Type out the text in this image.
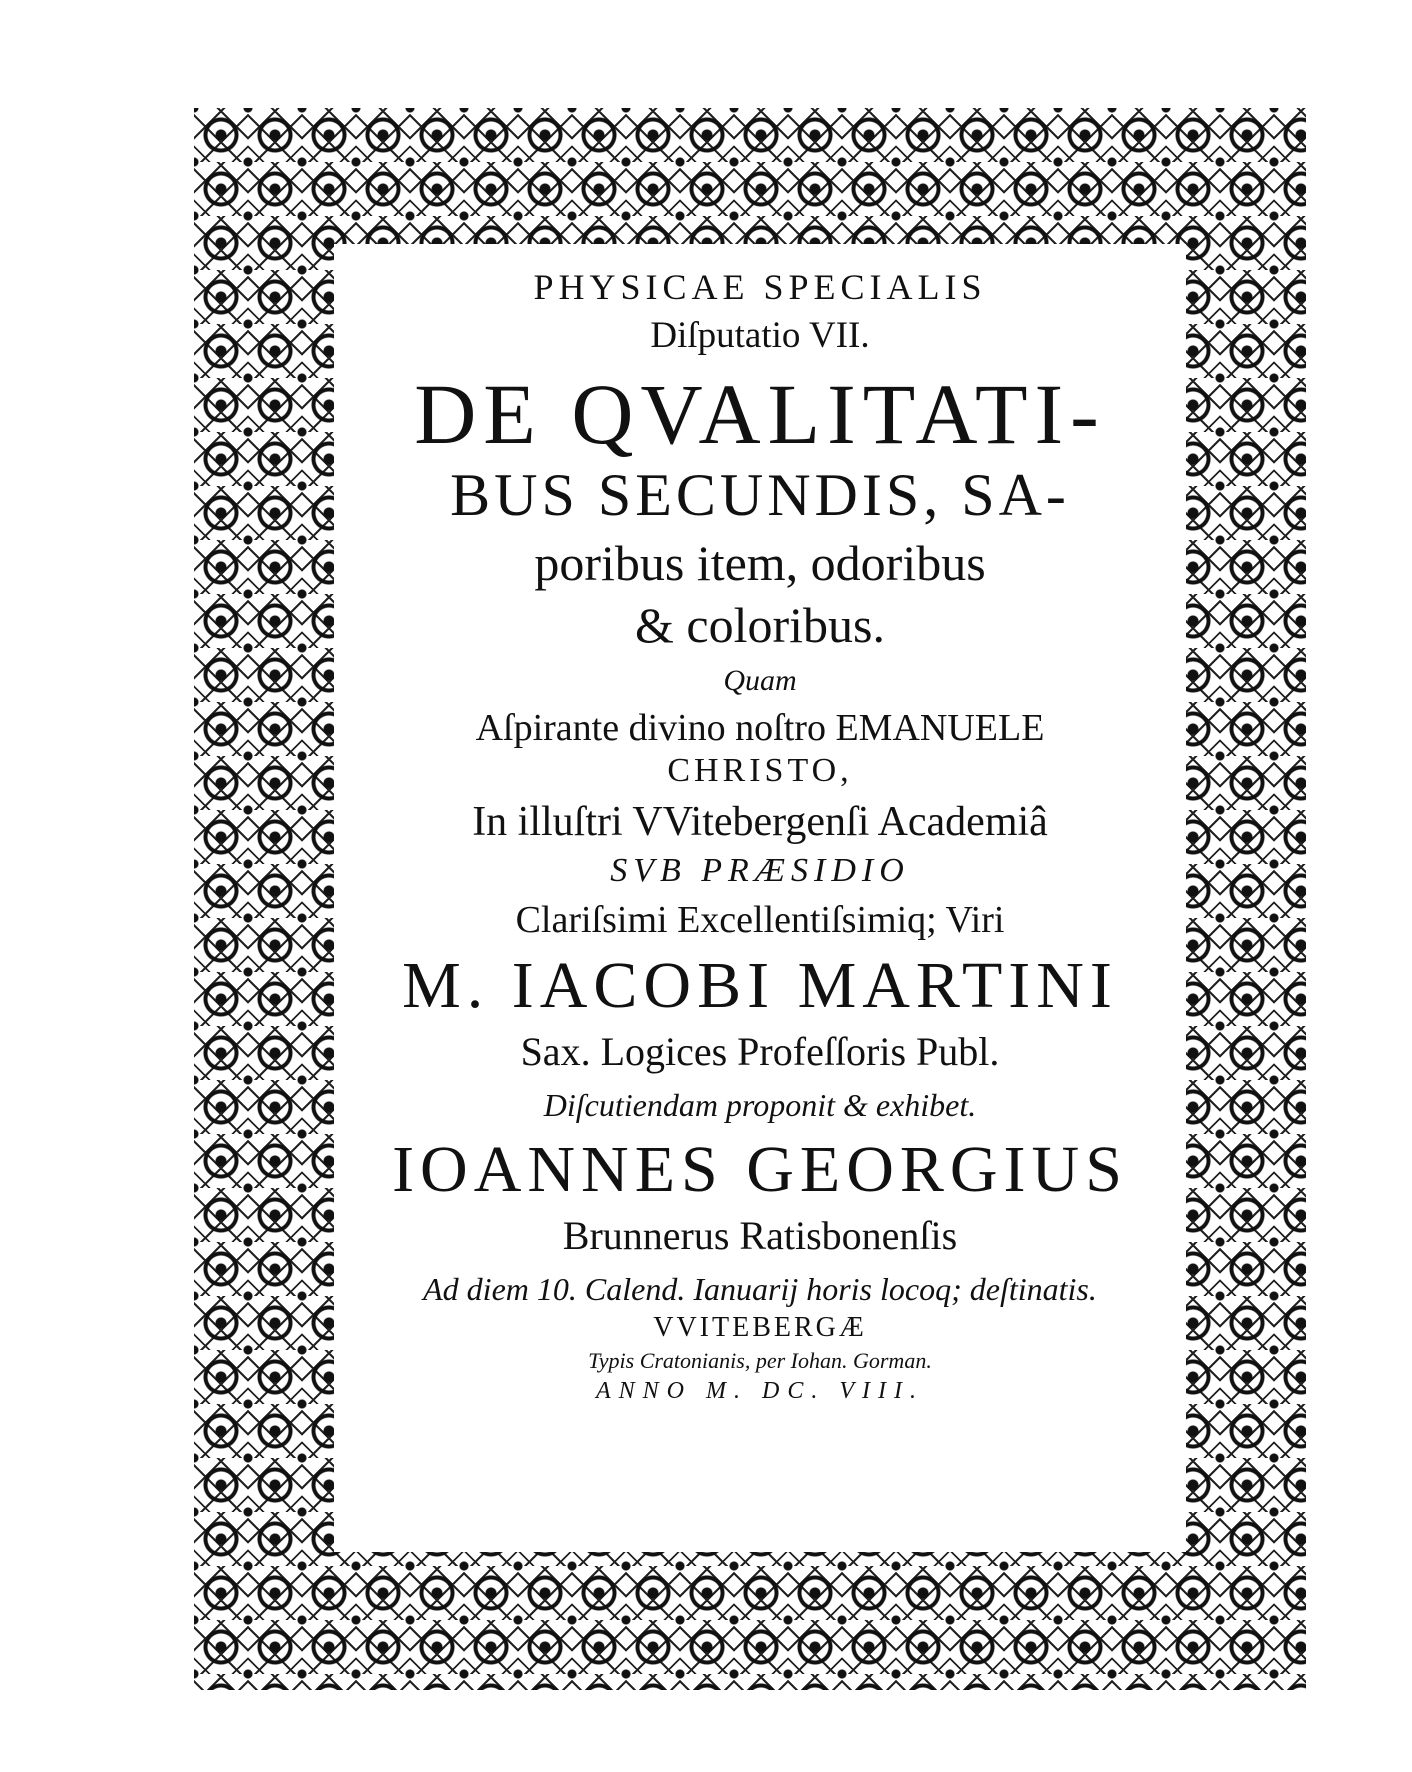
PHYSICAE SPECIALIS
Diſputatio VII.
DE QVALITATI-
BUS SECUNDIS, SA-
poribus item, odoribus
& coloribus.
Quam
Aſpirante divino noſtro EMANUELE
CHRISTO,
In illuſtri VVitebergenſi Academiâ
SVB PRÆSIDIO
Clariſsimi Excellentiſsimiq; Viri
M. IACOBI MARTINI
Sax. Logices Profeſſoris Publ.
Diſcutiendam proponit & exhibet.
IOANNES GEORGIUS
Brunnerus Ratisbonenſis
Ad diem 10. Calend. Ianuarij horis locoq; deſtinatis.
VVITEBERGÆ
Typis Cratonianis, per Iohan. Gorman.
ANNO M. DC. VIII.
